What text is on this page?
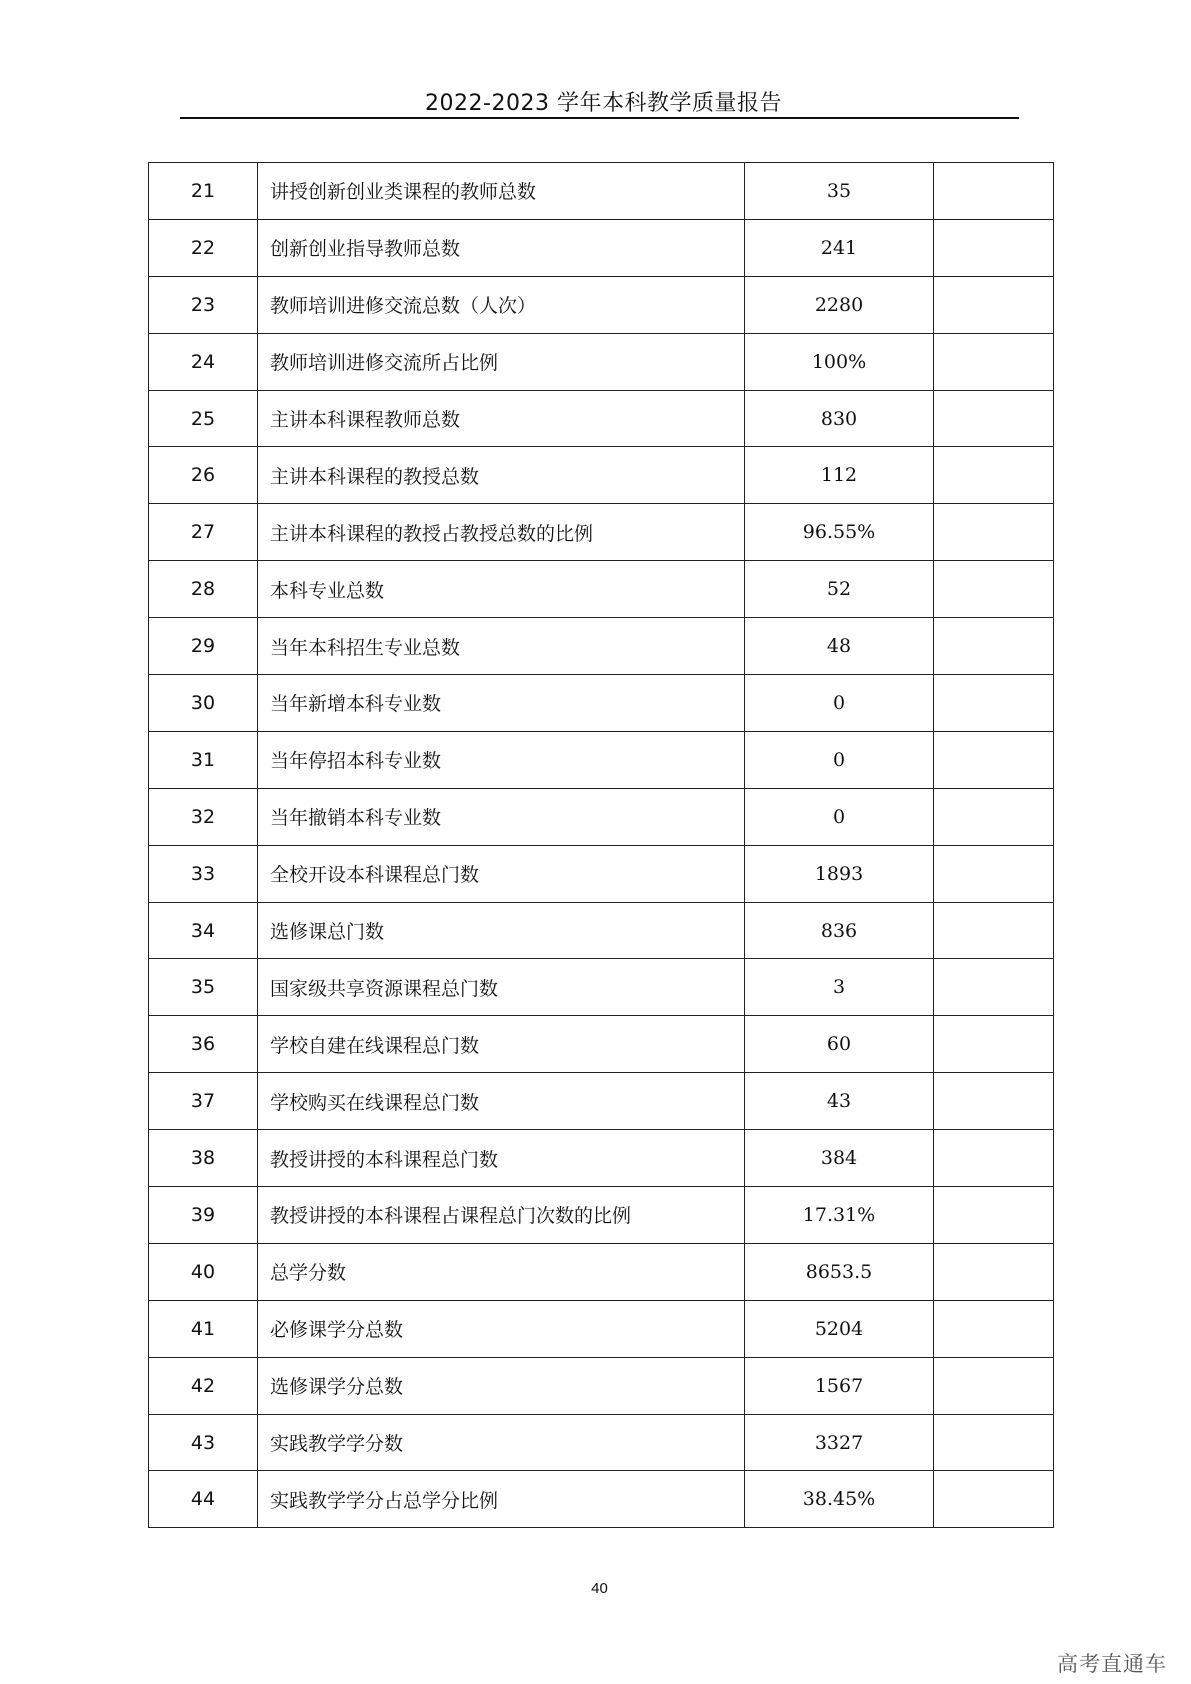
2022-2023 学年本科教学质量报告
21	讲授创新创业类课程的教师总数	35	
22	创新创业指导教师总数	241	
23	教师培训进修交流总数（人次）	2280	
24	教师培训进修交流所占比例	100%	
25	主讲本科课程教师总数	830	
26	主讲本科课程的教授总数	112	
27	主讲本科课程的教授占教授总数的比例	96.55%	
28	本科专业总数	52	
29	当年本科招生专业总数	48	
30	当年新增本科专业数	0	
31	当年停招本科专业数	0	
32	当年撤销本科专业数	0	
33	全校开设本科课程总门数	1893	
34	选修课总门数	836	
35	国家级共享资源课程总门数	3	
36	学校自建在线课程总门数	60	
37	学校购买在线课程总门数	43	
38	教授讲授的本科课程总门数	384	
39	教授讲授的本科课程占课程总门次数的比例	17.31%	
40	总学分数	8653.5	
41	必修课学分总数	5204	
42	选修课学分总数	1567	
43	实践教学学分数	3327	
44	实践教学学分占总学分比例	38.45%	
40
高考直通车
